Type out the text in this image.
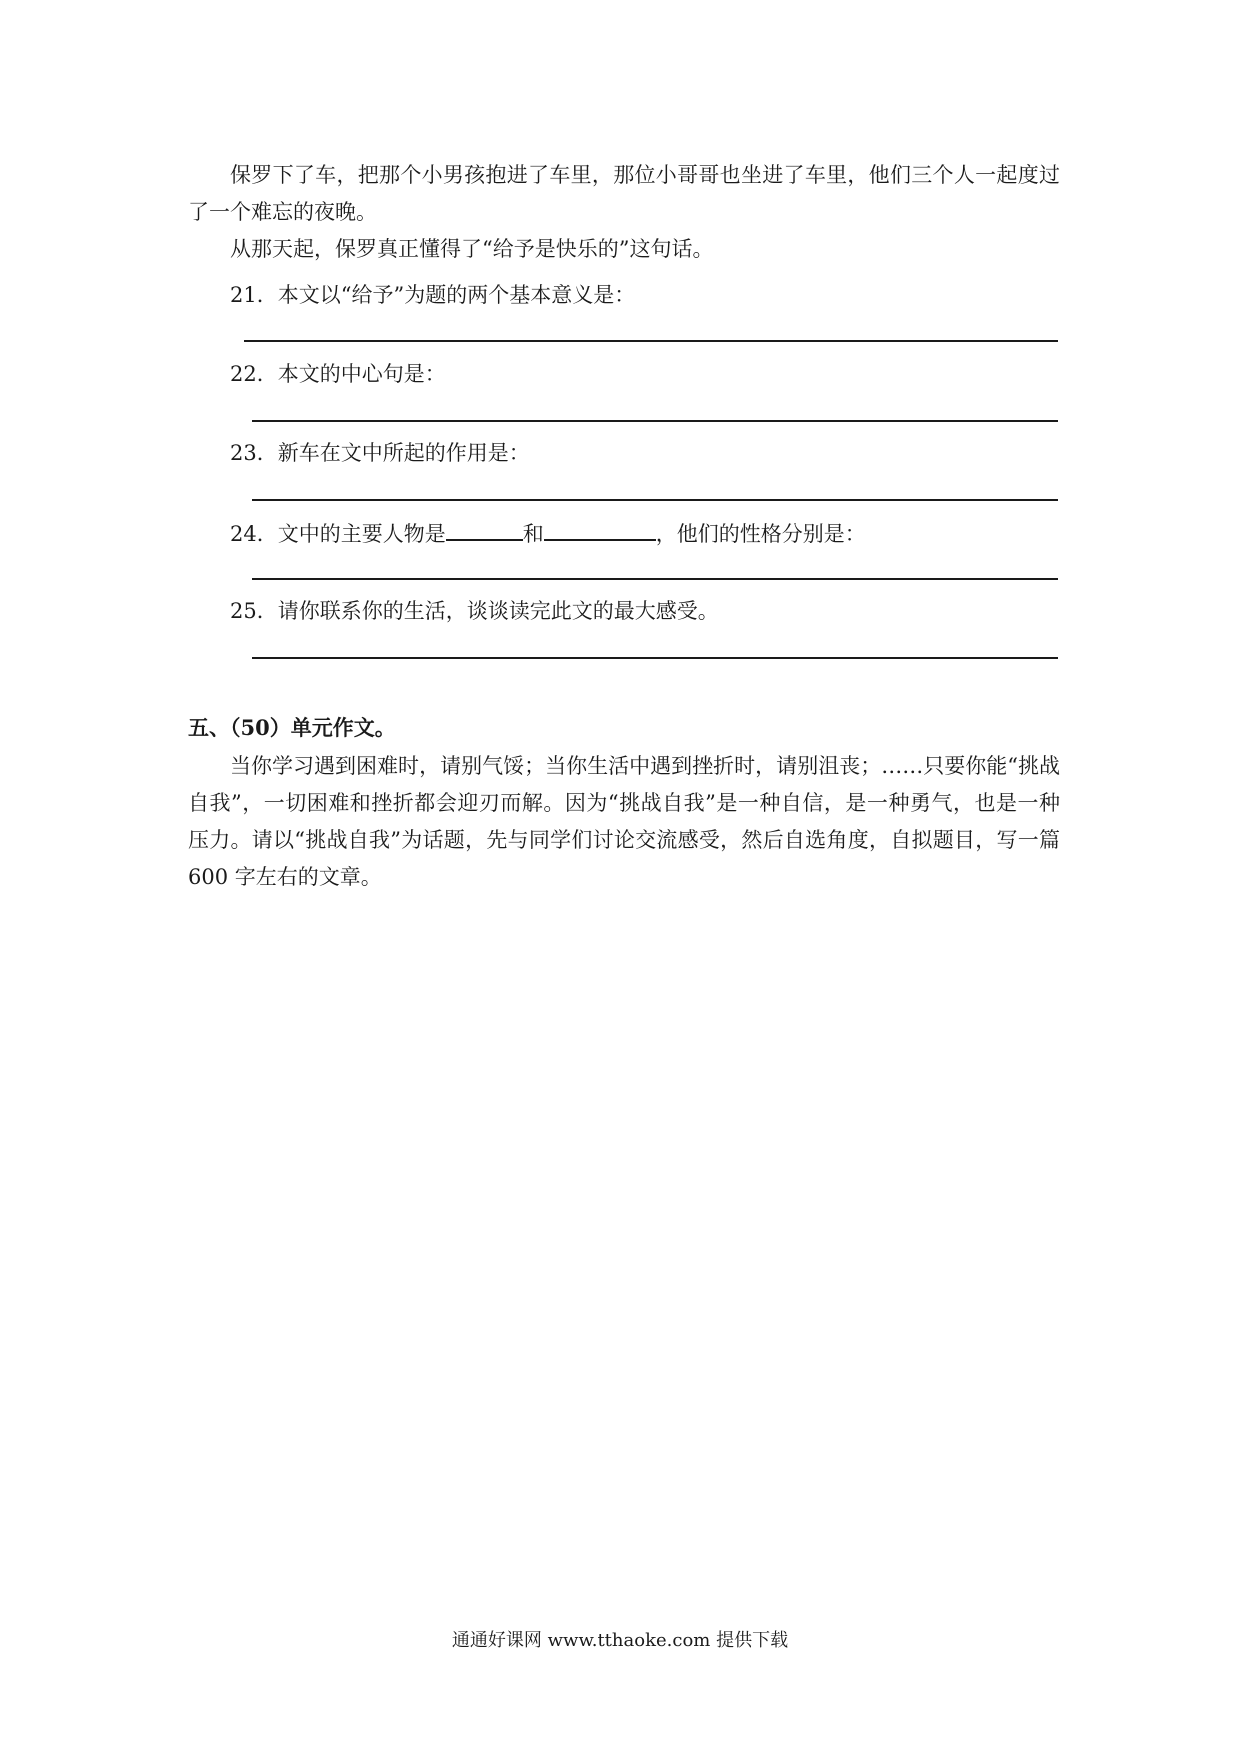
保罗下了车，把那个小男孩抱进了车里，那位小哥哥也坐进了车里，他们三个人一起度过了一个难忘的夜晚。

从那天起，保罗真正懂得了“给予是快乐的”这句话。

21．本文以“给予”为题的两个基本意义是：
22．本文的中心句是：
23．新车在文中所起的作用是：
24．文中的主要人物是	和	，他们的性格分别是：
25．请你联系你的生活，谈谈读完此文的最大感受。
五、（50）单元作文。

当你学习遇到困难时，请别气馁；当你生活中遇到挫折时，请别沮丧；……只要你能“挑战自我”，一切困难和挫折都会迎刃而解。因为“挑战自我”是一种自信，是一种勇气，也是一种压力。请以“挑战自我”为话题，先与同学们讨论交流感受，然后自选角度，自拟题目，写一篇 600 字左右的文章。

通通好课网 www.tthaoke.com 提供下载
